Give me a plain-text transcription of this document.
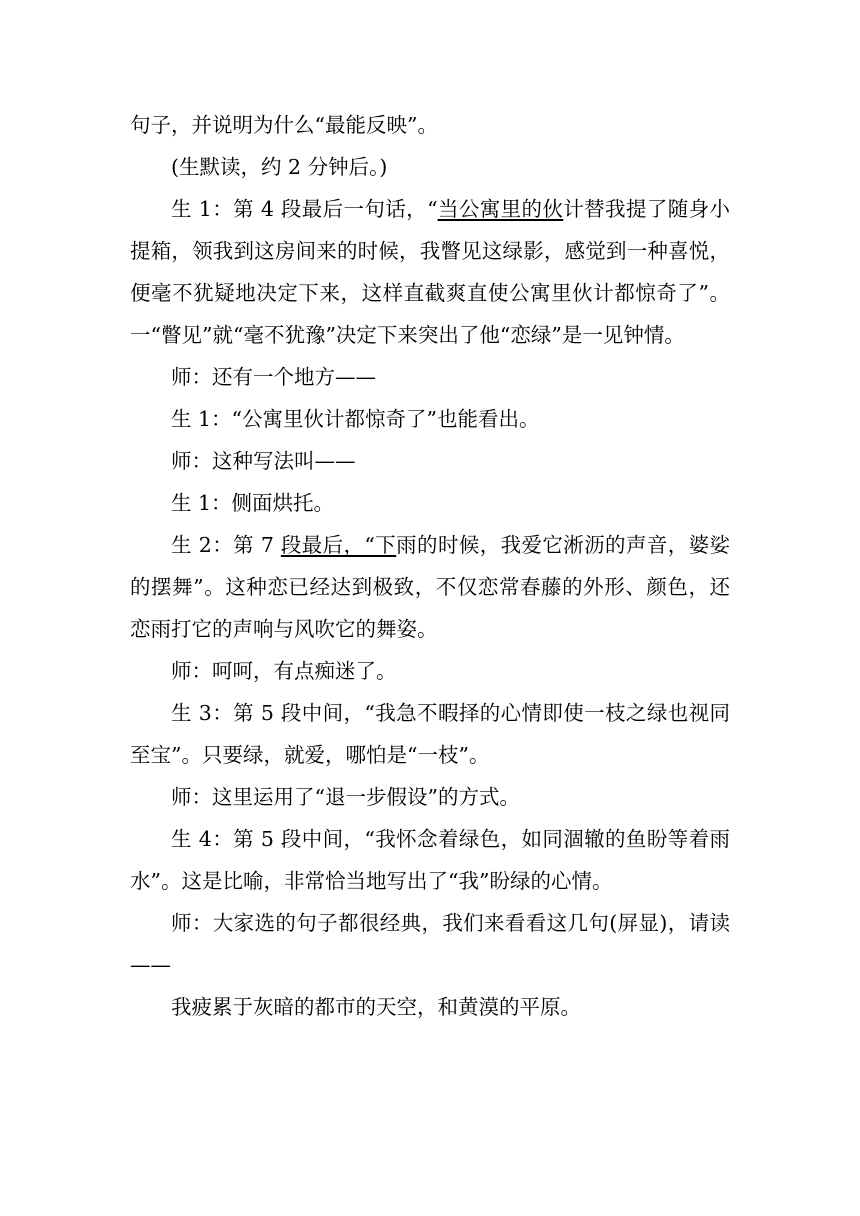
句子，并说明为什么“最能反映”。

(生默读，约 2 分钟后。)

生 1：第 4 段最后一句话，“当公寓里的伙计替我提了随身小提箱，领我到这房间来的时候，我瞥见这绿影，感觉到一种喜悦，便毫不犹疑地决定下来，这样直截爽直使公寓里伙计都惊奇了”。一“瞥见”就“毫不犹豫”决定下来突出了他“恋绿”是一见钟情。

师：还有一个地方——

生 1：“公寓里伙计都惊奇了”也能看出。

师：这种写法叫——

生 1：侧面烘托。

生 2：第 7 段最后，“下雨的时候，我爱它淅沥的声音，婆娑的摆舞”。这种恋已经达到极致，不仅恋常春藤的外形、颜色，还恋雨打它的声响与风吹它的舞姿。

师：呵呵，有点痴迷了。

生 3：第 5 段中间，“我急不暇择的心情即使一枝之绿也视同至宝”。只要绿，就爱，哪怕是“一枝”。

师：这里运用了“退一步假设”的方式。

生 4：第 5 段中间，“我怀念着绿色，如同涸辙的鱼盼等着雨水”。这是比喻，非常恰当地写出了“我”盼绿的心情。

师：大家选的句子都很经典，我们来看看这几句(屏显)，请读——

我疲累于灰暗的都市的天空，和黄漠的平原。
